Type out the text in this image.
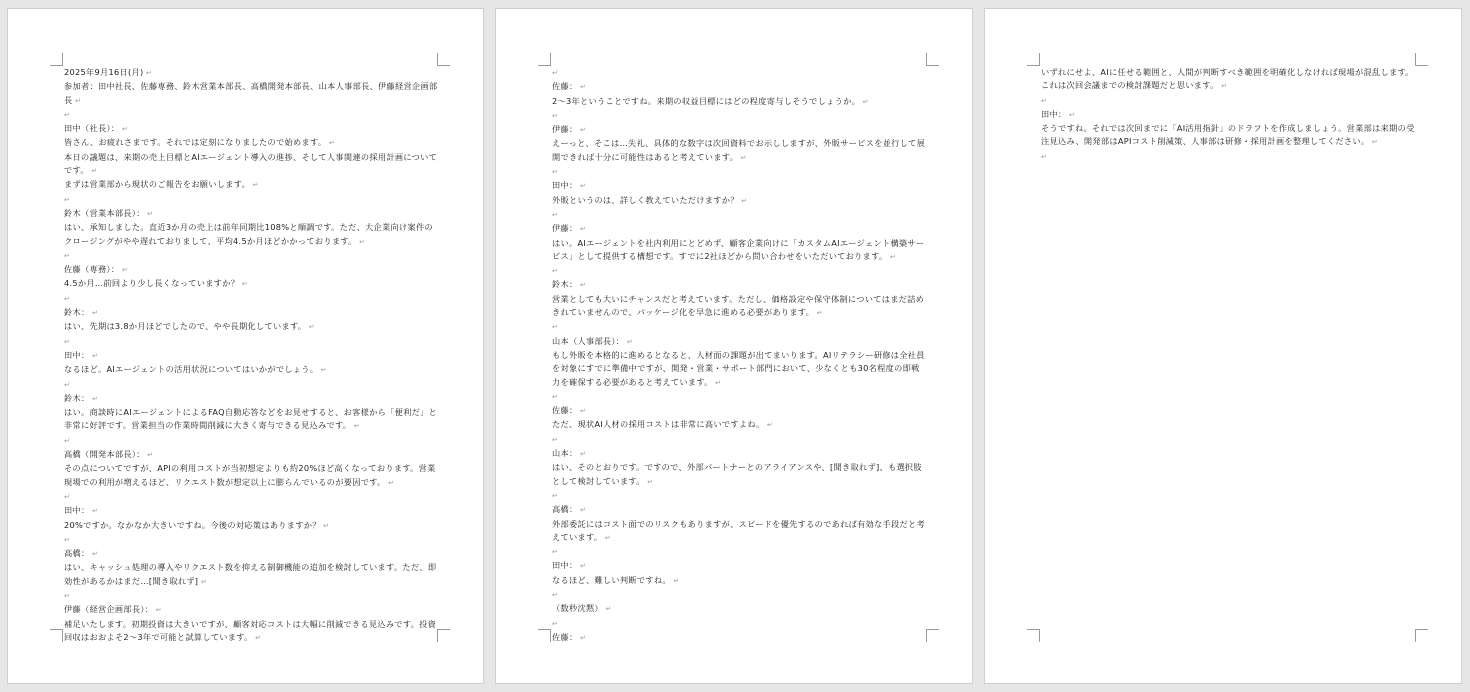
2025年9月16日(月) ↵
参加者：田中社長、佐藤専務、鈴木営業本部長、高橋開発本部長、山本人事部長、伊藤経営企画部長 ↵
​ ↵
田中（社長）： ↵
皆さん、お疲れさまです。それでは定刻になりましたので始めます。 ↵
本日の議題は、来期の売上目標とAIエージェント導入の進捗、そして人事関連の採用計画についてです。 ↵
まずは営業部から現状のご報告をお願いします。 ↵
​ ↵
鈴木（営業本部長）： ↵
はい、承知しました。直近3か月の売上は前年同期比108%と順調です。ただ、大企業向け案件のクロージングがやや遅れておりまして、平均4.5か月ほどかかっております。 ↵
​ ↵
佐藤（専務）： ↵
4.5か月…前回より少し長くなっていますか？ ↵
​ ↵
鈴木： ↵
はい、先期は3.8か月ほどでしたので、やや長期化しています。 ↵
​ ↵
田中： ↵
なるほど。AIエージェントの活用状況についてはいかがでしょう。 ↵
​ ↵
鈴木： ↵
はい。商談時にAIエージェントによるFAQ自動応答などをお見せすると、お客様から「便利だ」と非常に好評です。営業担当の作業時間削減に大きく寄与できる見込みです。 ↵
​ ↵
高橋（開発本部長）： ↵
その点についてですが、APIの利用コストが当初想定よりも約20%ほど高くなっております。営業現場での利用が増えるほど、リクエスト数が想定以上に膨らんでいるのが要因です。 ↵
​ ↵
田中： ↵
20%ですか。なかなか大きいですね。今後の対応策はありますか？ ↵
​ ↵
高橋： ↵
はい、キャッシュ処理の導入やリクエスト数を抑える制御機能の追加を検討しています。ただ、即効性があるかはまだ…[聞き取れず] ↵
​ ↵
伊藤（経営企画部長）： ↵
補足いたします。初期投資は大きいですが、顧客対応コストは大幅に削減できる見込みです。投資回収はおおよそ2〜3年で可能と試算しています。 ↵
​ ↵
佐藤： ↵
2〜3年ということですね。来期の収益目標にはどの程度寄与しそうでしょうか。 ↵
​ ↵
伊藤： ↵
えーっと、そこは…失礼、具体的な数字は次回資料でお示ししますが、外販サービスを並行して展開できれば十分に可能性はあると考えています。 ↵
​ ↵
田中： ↵
外販というのは、詳しく教えていただけますか？ ↵
​ ↵
伊藤： ↵
はい。AIエージェントを社内利用にとどめず、顧客企業向けに「カスタムAIエージェント構築サービス」として提供する構想です。すでに2社ほどから問い合わせをいただいております。 ↵
​ ↵
鈴木： ↵
営業としても大いにチャンスだと考えています。ただし、価格設定や保守体制についてはまだ詰めきれていませんので、パッケージ化を早急に進める必要があります。 ↵
​ ↵
山本（人事部長）： ↵
もし外販を本格的に進めるとなると、人材面の課題が出てまいります。AIリテラシー研修は全社員を対象にすでに準備中ですが、開発・営業・サポート部門において、少なくとも30名程度の即戦力を確保する必要があると考えています。 ↵
​ ↵
佐藤： ↵
ただ、現状AI人材の採用コストは非常に高いですよね。 ↵
​ ↵
山本： ↵
はい、そのとおりです。ですので、外部パートナーとのアライアンスや、[聞き取れず]、も選択肢として検討しています。 ↵
​ ↵
高橋： ↵
外部委託にはコスト面でのリスクもありますが、スピードを優先するのであれば有効な手段だと考えています。 ↵
​ ↵
田中： ↵
なるほど、難しい判断ですね。 ↵
​ ↵
（数秒沈黙） ↵
​ ↵
佐藤： ↵
いずれにせよ、AIに任せる範囲と、人間が判断すべき範囲を明確化しなければ現場が混乱します。これは次回会議までの検討課題だと思います。 ↵
​ ↵
田中： ↵
そうですね。それでは次回までに「AI活用指針」のドラフトを作成しましょう。営業部は来期の受注見込み、開発部はAPIコスト削減策、人事部は研修・採用計画を整理してください。 ↵
​ ↵
